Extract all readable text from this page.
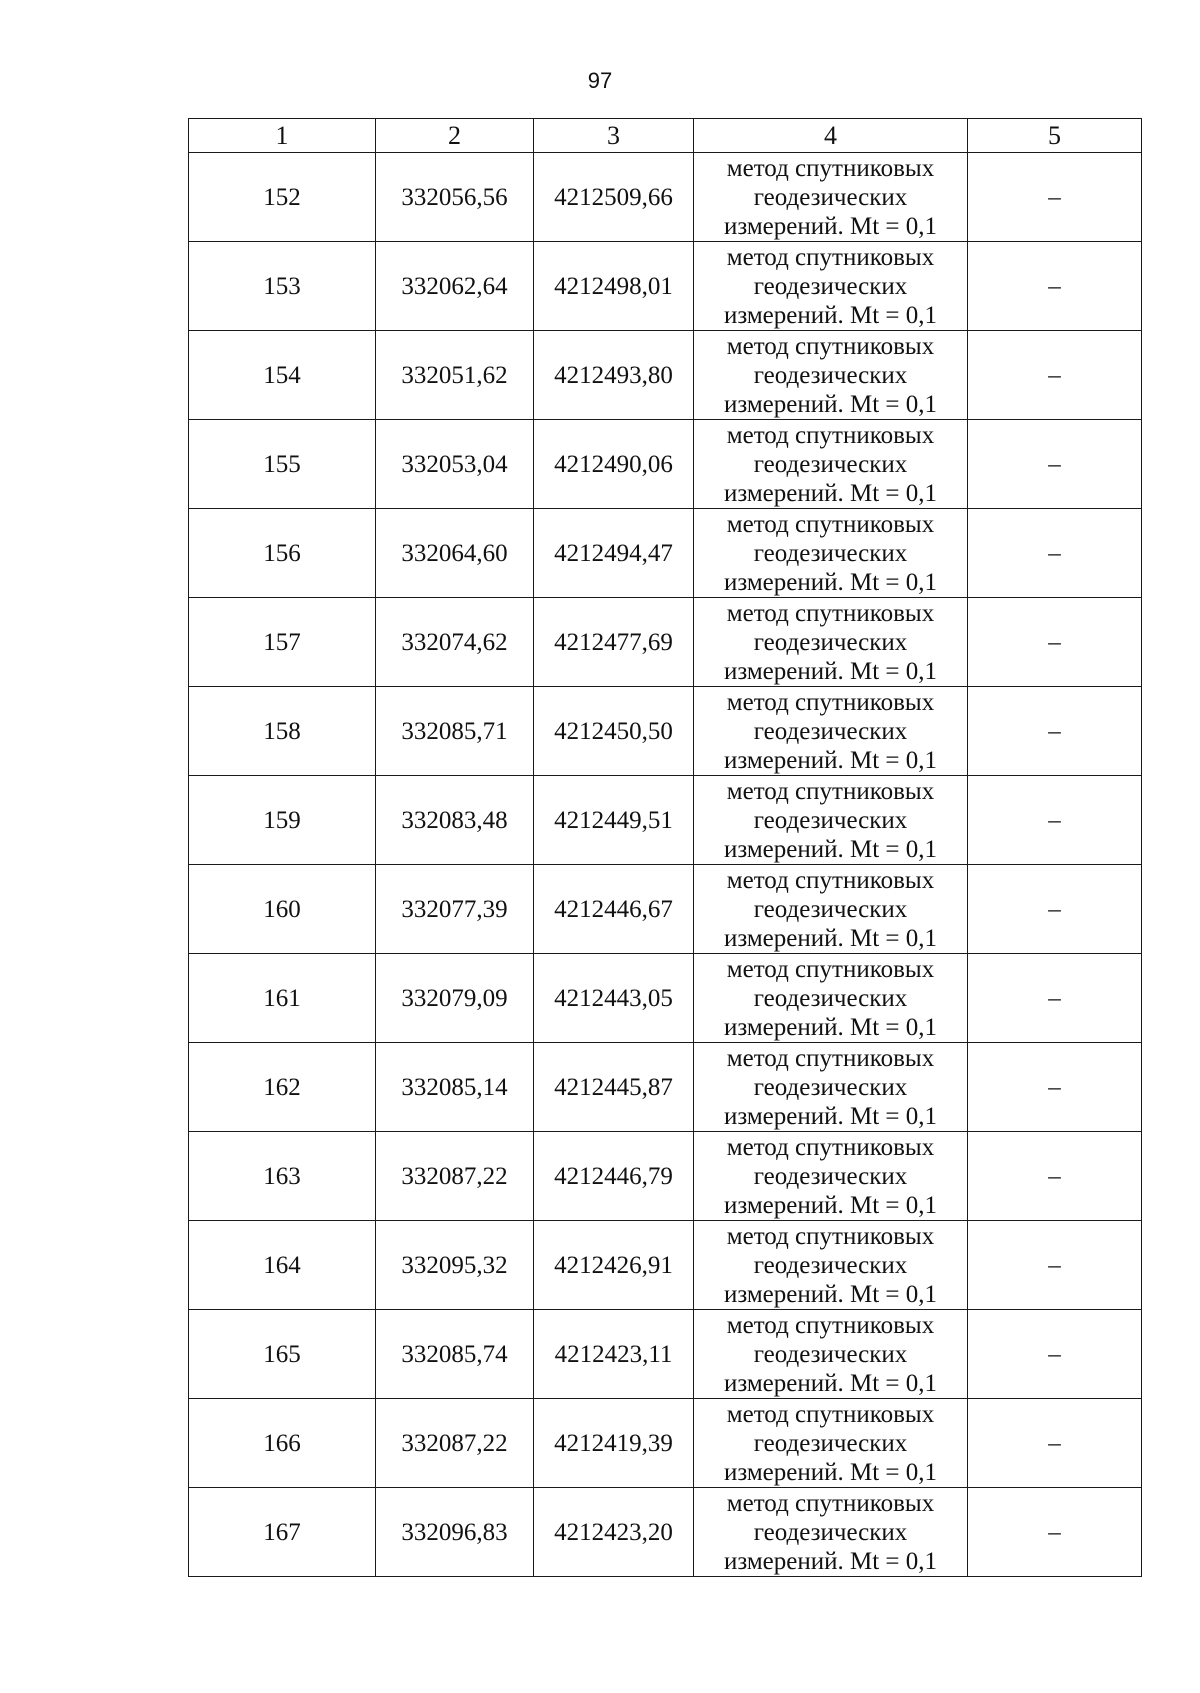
97
1	2	3	4	5
152	332056,56	4212509,66	метод спутниковых
геодезических
измерений. Mt = 0,1	–
153	332062,64	4212498,01	метод спутниковых
геодезических
измерений. Mt = 0,1	–
154	332051,62	4212493,80	метод спутниковых
геодезических
измерений. Mt = 0,1	–
155	332053,04	4212490,06	метод спутниковых
геодезических
измерений. Mt = 0,1	–
156	332064,60	4212494,47	метод спутниковых
геодезических
измерений. Mt = 0,1	–
157	332074,62	4212477,69	метод спутниковых
геодезических
измерений. Mt = 0,1	–
158	332085,71	4212450,50	метод спутниковых
геодезических
измерений. Mt = 0,1	–
159	332083,48	4212449,51	метод спутниковых
геодезических
измерений. Mt = 0,1	–
160	332077,39	4212446,67	метод спутниковых
геодезических
измерений. Mt = 0,1	–
161	332079,09	4212443,05	метод спутниковых
геодезических
измерений. Mt = 0,1	–
162	332085,14	4212445,87	метод спутниковых
геодезических
измерений. Mt = 0,1	–
163	332087,22	4212446,79	метод спутниковых
геодезических
измерений. Mt = 0,1	–
164	332095,32	4212426,91	метод спутниковых
геодезических
измерений. Mt = 0,1	–
165	332085,74	4212423,11	метод спутниковых
геодезических
измерений. Mt = 0,1	–
166	332087,22	4212419,39	метод спутниковых
геодезических
измерений. Mt = 0,1	–
167	332096,83	4212423,20	метод спутниковых
геодезических
измерений. Mt = 0,1	–
